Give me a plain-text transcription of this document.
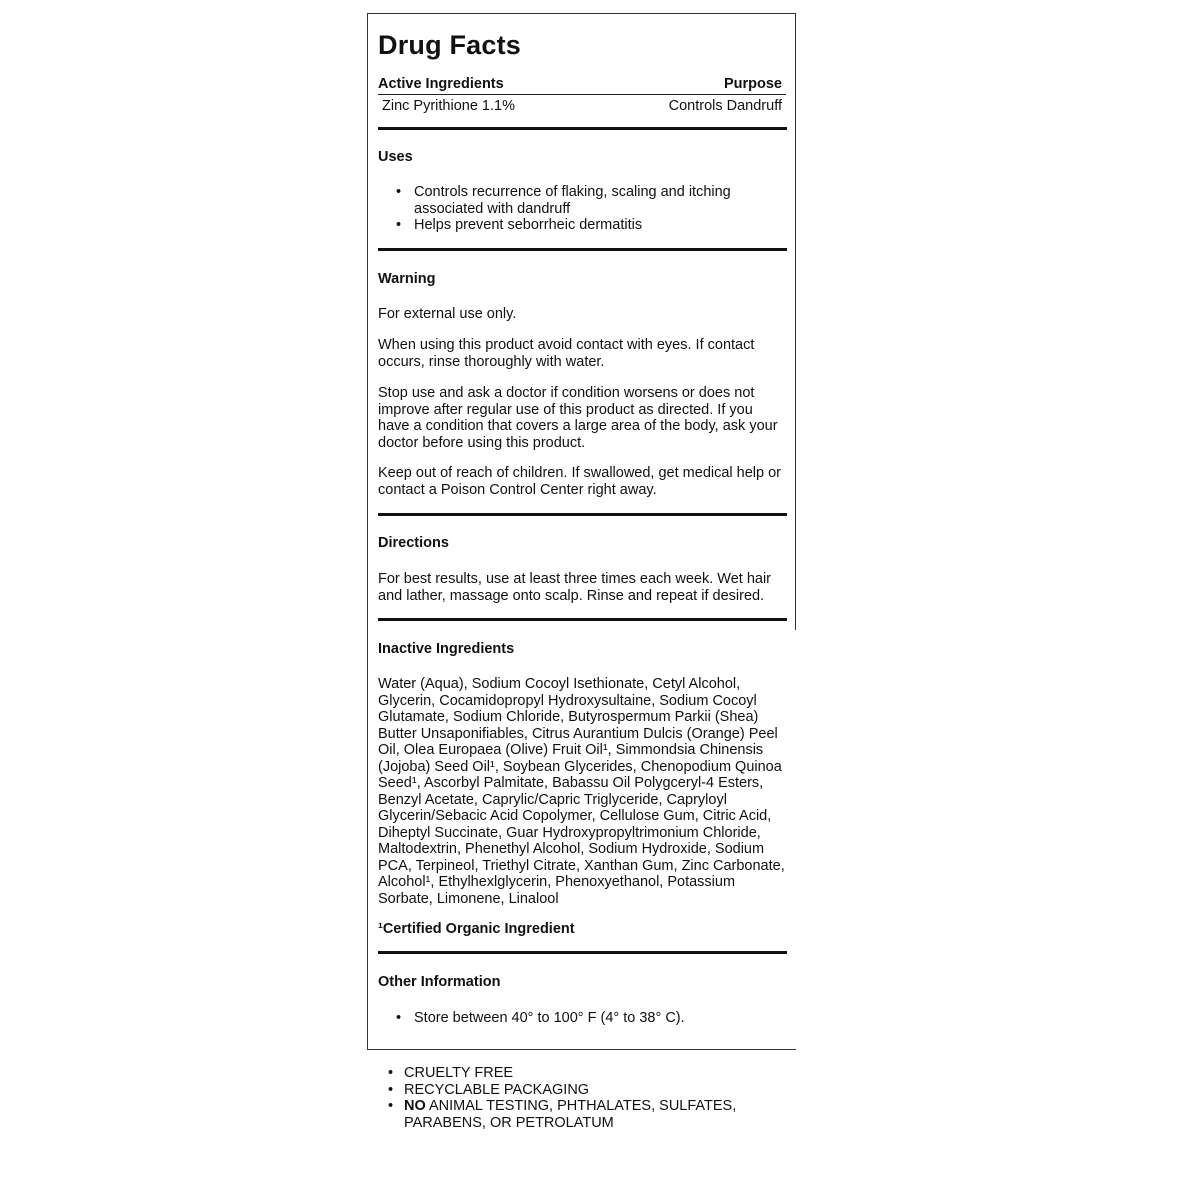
Drug Facts
Active Ingredients	Purpose
Zinc Pyrithione 1.1%	Controls Dandruff
Uses
• Controls recurrence of flaking, scaling and itching associated with dandruff
• Helps prevent seborrheic dermatitis
Warning
For external use only.
When using this product avoid contact with eyes. If contact occurs, rinse thoroughly with water.
Stop use and ask a doctor if condition worsens or does not improve after regular use of this product as directed. If you have a condition that covers a large area of the body, ask your doctor before using this product.
Keep out of reach of children. If swallowed, get medical help or contact a Poison Control Center right away.
Directions
For best results, use at least three times each week. Wet hair and lather, massage onto scalp. Rinse and repeat if desired.
Inactive Ingredients
Water (Aqua), Sodium Cocoyl Isethionate, Cetyl Alcohol, Glycerin, Cocamidopropyl Hydroxysultaine, Sodium Cocoyl Glutamate, Sodium Chloride, Butyrospermum Parkii (Shea) Butter Unsaponifiables, Citrus Aurantium Dulcis (Orange) Peel Oil, Olea Europaea (Olive) Fruit Oil¹, Simmondsia Chinensis (Jojoba) Seed Oil¹, Soybean Glycerides, Chenopodium Quinoa Seed¹, Ascorbyl Palmitate, Babassu Oil Polygceryl-4 Esters, Benzyl Acetate, Caprylic/Capric Triglyceride, Capryloyl Glycerin/Sebacic Acid Copolymer, Cellulose Gum, Citric Acid, Diheptyl Succinate, Guar Hydroxypropyltrimonium Chloride, Maltodextrin, Phenethyl Alcohol, Sodium Hydroxide, Sodium PCA, Terpineol, Triethyl Citrate, Xanthan Gum, Zinc Carbonate, Alcohol¹, Ethylhexlglycerin, Phenoxyethanol, Potassium Sorbate, Limonene, Linalool
¹Certified Organic Ingredient
Other Information
• Store between 40° to 100° F (4° to 38° C).
• CRUELTY FREE
• RECYCLABLE PACKAGING
• NO ANIMAL TESTING, PHTHALATES, SULFATES, PARABENS, OR PETROLATUM
